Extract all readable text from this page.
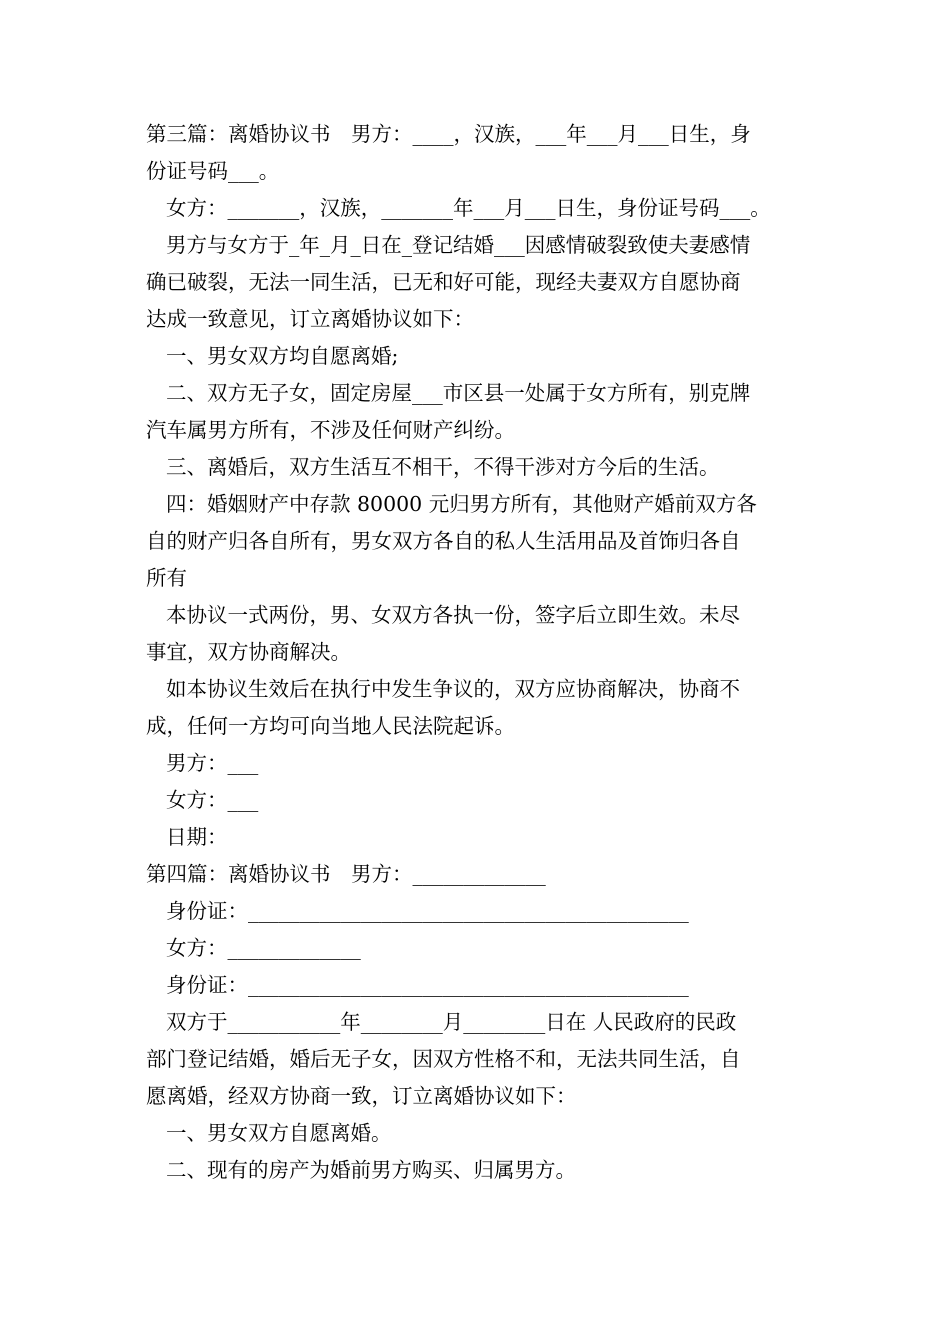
第三篇：离婚协议书　男方：____，汉族，___年___月___日生，身
份证号码___。
女方：_______，汉族，_______年___月___日生，身份证号码___。
男方与女方于_年_月_日在_登记结婚___因感情破裂致使夫妻感情
确已破裂，无法一同生活，已无和好可能，现经夫妻双方自愿协商
达成一致意见，订立离婚协议如下：
一、男女双方均自愿离婚;
二、双方无子女，固定房屋___市区县一处属于女方所有，别克牌
汽车属男方所有，不涉及任何财产纠纷。
三、离婚后，双方生活互不相干，不得干涉对方今后的生活。
四：婚姻财产中存款 80000 元归男方所有，其他财产婚前双方各
自的财产归各自所有，男女双方各自的私人生活用品及首饰归各自
所有
本协议一式两份，男、女双方各执一份，签字后立即生效。未尽
事宜，双方协商解决。
如本协议生效后在执行中发生争议的，双方应协商解决，协商不
成，任何一方均可向当地人民法院起诉。
男方：___
女方：___
日期：
第四篇：离婚协议书　男方：_____________
身份证：___________________________________________
女方：_____________
身份证：___________________________________________
双方于___________年________月________日在 人民政府的民政
部门登记结婚，婚后无子女，因双方性格不和，无法共同生活，自
愿离婚，经双方协商一致，订立离婚协议如下：
一、男女双方自愿离婚。
二、现有的房产为婚前男方购买、归属男方。
